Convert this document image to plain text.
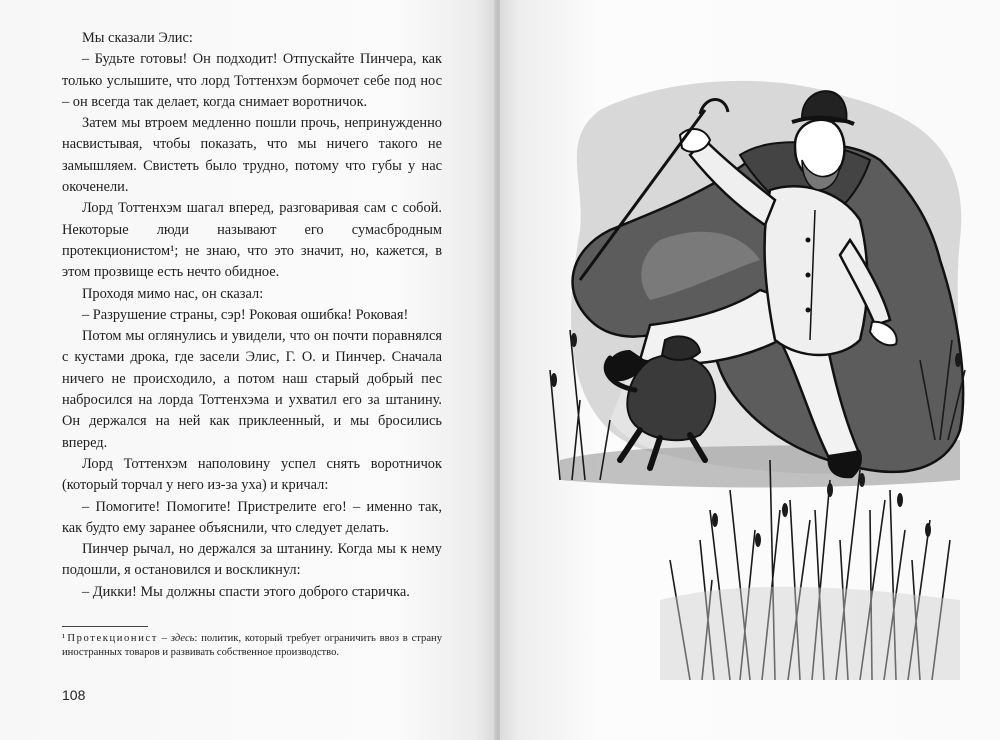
Мы сказали Элис:

– Будьте готовы! Он подходит! Отпускайте Пинчера, как только услышите, что лорд Тоттенхэм бормочет себе под нос – он всегда так делает, когда снимает воротничок.

Затем мы втроем медленно пошли прочь, непринужденно насвистывая, чтобы показать, что мы ничего такого не замышляем. Свистеть было трудно, потому что губы у нас окоченели.

Лорд Тоттенхэм шагал вперед, разговаривая сам с собой. Некоторые люди называют его сумасбродным протекционистом¹; не знаю, что это значит, но, кажется, в этом прозвище есть нечто обидное.

Проходя мимо нас, он сказал:

– Разрушение страны, сэр! Роковая ошибка! Роковая!

Потом мы оглянулись и увидели, что он почти поравнялся с кустами дрока, где засели Элис, Г. О. и Пинчер. Сначала ничего не происходило, а потом наш старый добрый пес набросился на лорда Тоттенхэма и ухватил его за штанину. Он держался на ней как приклеенный, и мы бросились вперед.

Лорд Тоттенхэм наполовину успел снять воротничок (который торчал у него из-за уха) и кричал:

– Помогите! Помогите! Пристрелите его! – именно так, как будто ему заранее объяснили, что следует делать.

Пинчер рычал, но держался за штанину. Когда мы к нему подошли, я остановился и воскликнул:

– Дикки! Мы должны спасти этого доброго старичка.

¹  Протекционист – здесь: политик, который требует ограничить ввоз в страну иностранных товаров и развивать собственное производство.
108
